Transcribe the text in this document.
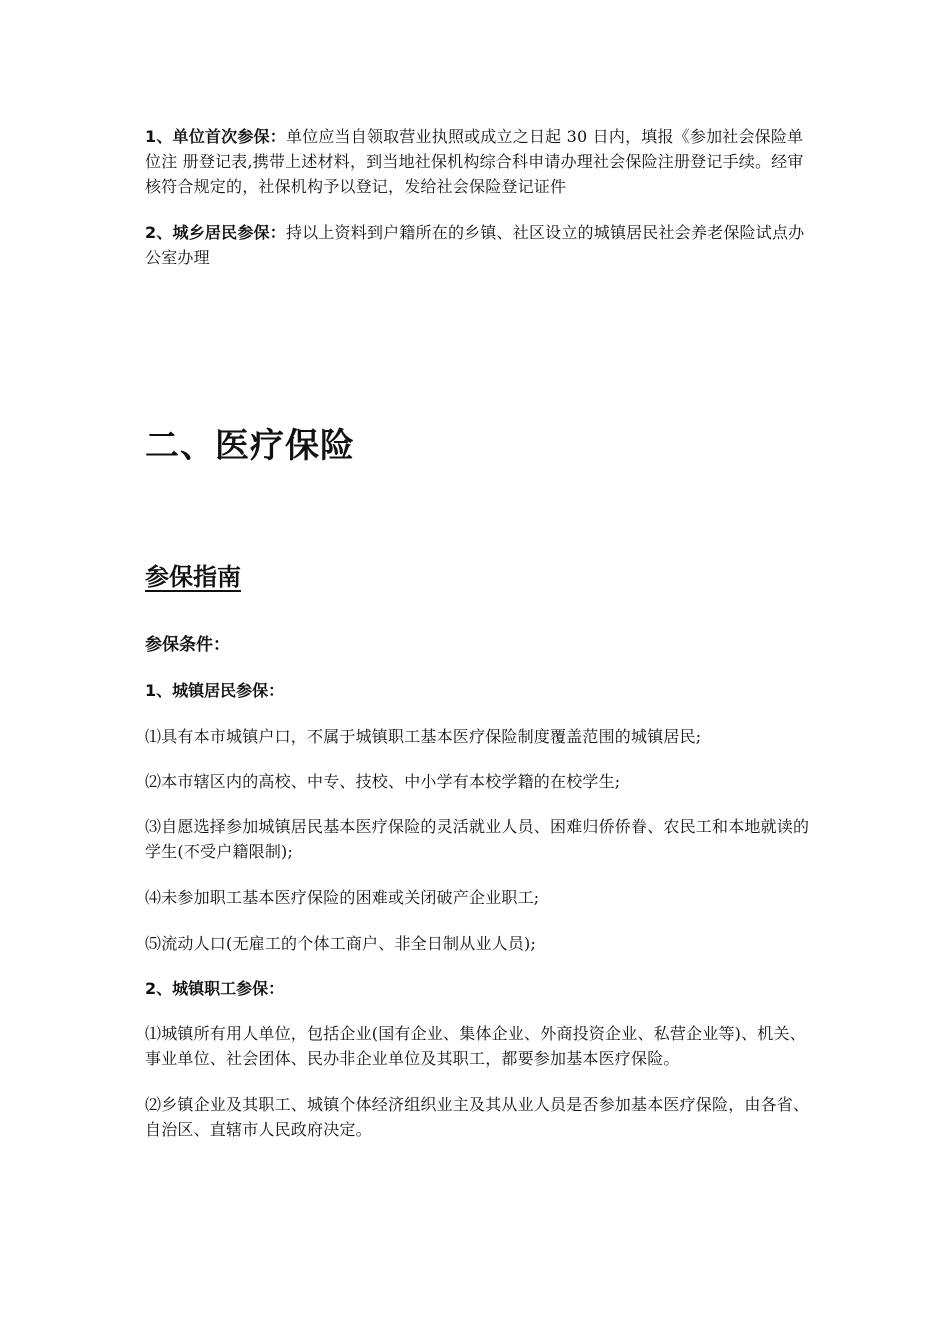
1、单位首次参保：单位应当自领取营业执照或成立之日起 30 日内，填报《参加社会保险单位注 册登记表,携带上述材料，到当地社保机构综合科申请办理社会保险注册登记手续。经审核符合规定的，社保机构予以登记，发给社会保险登记证件

2、城乡居民参保：持以上资料到户籍所在的乡镇、社区设立的城镇居民社会养老保险试点办公室办理

二、医疗保险
参保指南
参保条件：
1、城镇居民参保：

⑴具有本市城镇户口，不属于城镇职工基本医疗保险制度覆盖范围的城镇居民;

⑵本市辖区内的高校、中专、技校、中小学有本校学籍的在校学生;

⑶自愿选择参加城镇居民基本医疗保险的灵活就业人员、困难归侨侨眷、农民工和本地就读的学生(不受户籍限制);

⑷未参加职工基本医疗保险的困难或关闭破产企业职工;

⑸流动人口(无雇工的个体工商户、非全日制从业人员);

2、城镇职工参保：

⑴城镇所有用人单位，包括企业(国有企业、集体企业、外商投资企业、私营企业等)、机关、事业单位、社会团体、民办非企业单位及其职工，都要参加基本医疗保险。

⑵乡镇企业及其职工、城镇个体经济组织业主及其从业人员是否参加基本医疗保险，由各省、自治区、直辖市人民政府决定。
